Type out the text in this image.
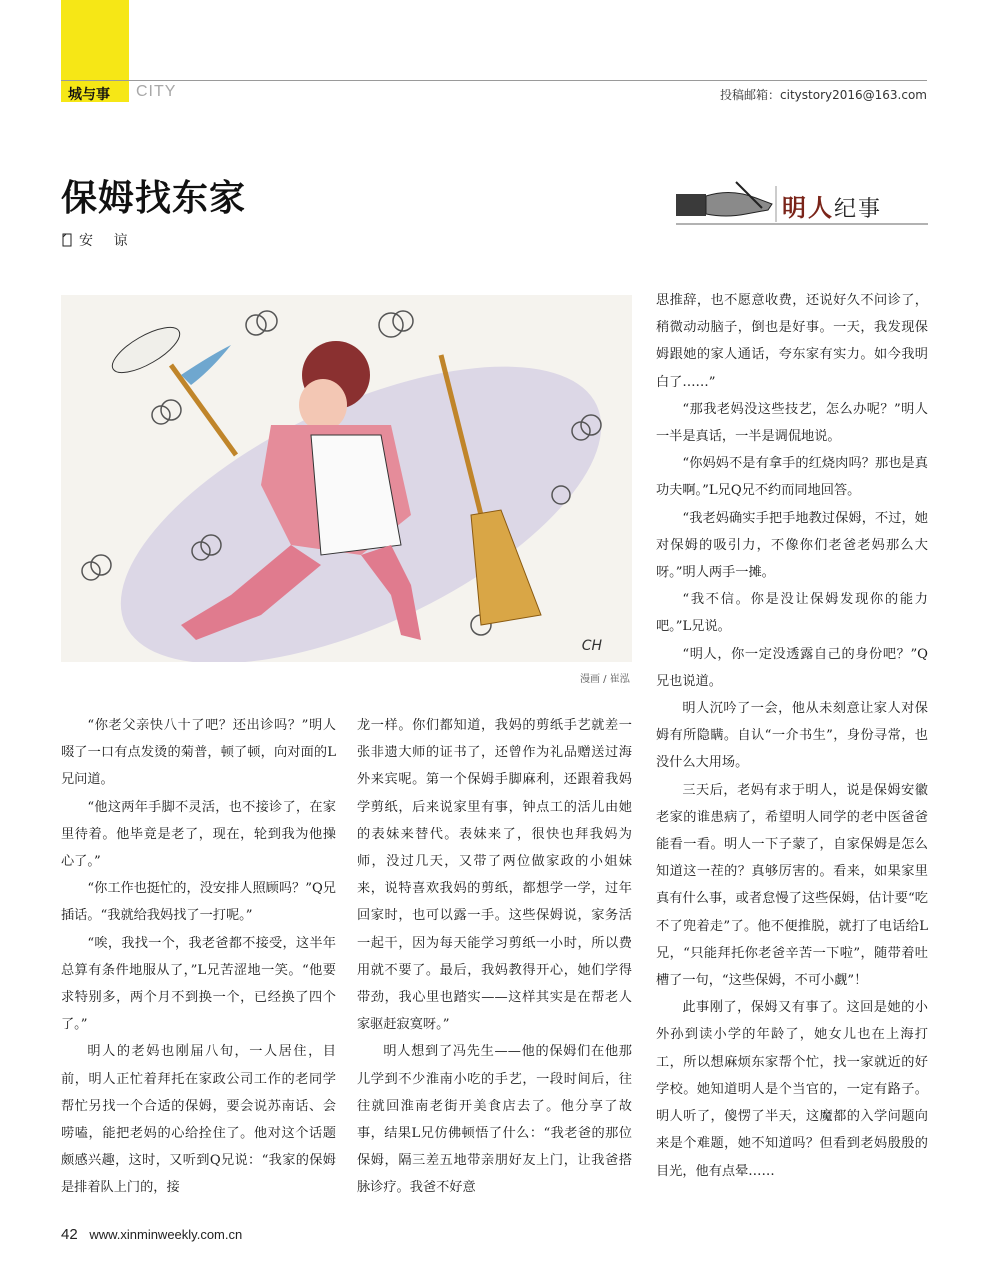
城与事 CITY	投稿邮箱：citystory2016@163.com
保姆找东家
安 谅
明人纪事
CH
漫画 / 崔泓

“你老父亲快八十了吧？还出诊吗？”明人啜了一口有点发烫的菊普，顿了顿，向对面的L兄问道。

“他这两年手脚不灵活，也不接诊了，在家里待着。他毕竟是老了，现在，轮到我为他操心了。”

“你工作也挺忙的，没安排人照顾吗？”Q兄插话。“我就给我妈找了一打呢。”

“唉，我找一个，我老爸都不接受，这半年总算有条件地服从了，”L兄苦涩地一笑。“他要求特别多，两个月不到换一个，已经换了四个了。”

明人的老妈也刚届八旬，一人居住，目前，明人正忙着拜托在家政公司工作的老同学帮忙另找一个合适的保姆，要会说苏南话、会唠嗑，能把老妈的心给拴住了。他对这个话题颇感兴趣，这时，又听到Q兄说：“我家的保姆是排着队上门的，接

龙一样。你们都知道，我妈的剪纸手艺就差一张非遗大师的证书了，还曾作为礼品赠送过海外来宾呢。第一个保姆手脚麻利，还跟着我妈学剪纸，后来说家里有事，钟点工的活儿由她的表妹来替代。表妹来了，很快也拜我妈为师，没过几天，又带了两位做家政的小姐妹来，说特喜欢我妈的剪纸，都想学一学，过年回家时，也可以露一手。这些保姆说，家务活一起干，因为每天能学习剪纸一小时，所以费用就不要了。最后，我妈教得开心，她们学得带劲，我心里也踏实——这样其实是在帮老人家驱赶寂寞呀。”

明人想到了冯先生——他的保姆们在他那儿学到不少淮南小吃的手艺，一段时间后，往往就回淮南老街开美食店去了。他分享了故事，结果L兄仿佛顿悟了什么：“我老爸的那位保姆，隔三差五地带亲朋好友上门，让我爸搭脉诊疗。我爸不好意

思推辞，也不愿意收费，还说好久不问诊了，稍微动动脑子，倒也是好事。一天，我发现保姆跟她的家人通话，夸东家有实力。如今我明白了……”

“那我老妈没这些技艺，怎么办呢？”明人一半是真话，一半是调侃地说。

“你妈妈不是有拿手的红烧肉吗？那也是真功夫啊。”L兄Q兄不约而同地回答。

“我老妈确实手把手地教过保姆，不过，她对保姆的吸引力，不像你们老爸老妈那么大呀。”明人两手一摊。

“我不信。你是没让保姆发现你的能力吧。”L兄说。

“明人，你一定没透露自己的身份吧？”Q兄也说道。

明人沉吟了一会，他从未刻意让家人对保姆有所隐瞒。自认“一介书生”，身份寻常，也没什么大用场。

三天后，老妈有求于明人，说是保姆安徽老家的谁患病了，希望明人同学的老中医爸爸能看一看。明人一下子蒙了，自家保姆是怎么知道这一茬的？真够厉害的。看来，如果家里真有什么事，或者怠慢了这些保姆，估计要“吃不了兜着走”了。他不便推脱，就打了电话给L兄，“只能拜托你老爸辛苦一下啦”，随带着吐槽了一句，“这些保姆，不可小觑”！

此事刚了，保姆又有事了。这回是她的小外孙到读小学的年龄了，她女儿也在上海打工，所以想麻烦东家帮个忙，找一家就近的好学校。她知道明人是个当官的，一定有路子。明人听了，傻愣了半天，这魔都的入学问题向来是个难题，她不知道吗？但看到老妈殷殷的目光，他有点晕……

42 www.xinminweekly.com.cn
